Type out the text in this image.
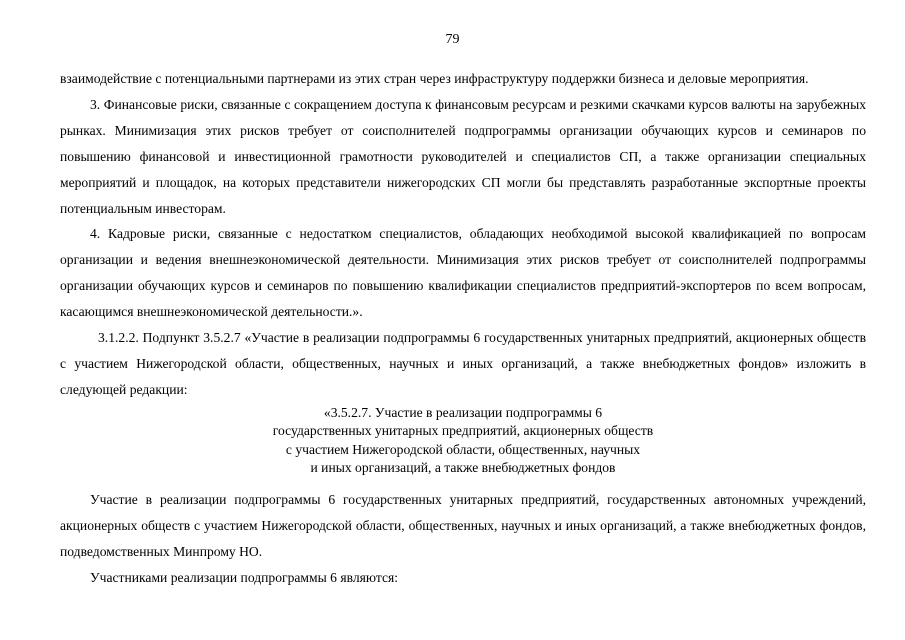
79

взаимодействие с потенциальными партнерами из этих стран через инфраструктуру поддержки бизнеса и деловые мероприятия.

3. Финансовые риски, связанные с сокращением доступа к финансовым ресурсам и резкими скачками курсов валюты на зарубежных рынках. Минимизация этих рисков требует от соисполнителей подпрограммы организации обучающих курсов и семинаров по повышению финансовой и инвестиционной грамотности руководителей и специалистов СП, а также организации специальных мероприятий и площадок, на которых представители нижегородских СП могли бы представлять разработанные экспортные проекты потенциальным инвесторам.

4. Кадровые риски, связанные с недостатком специалистов, обладающих необходимой высокой квалификацией по вопросам организации и ведения внешнеэкономической деятельности. Минимизация этих рисков требует от соисполнителей подпрограммы организации обучающих курсов и семинаров по повышению квалификации специалистов предприятий-экспортеров по всем вопросам, касающимся внешнеэкономической деятельности.».

3.1.2.2. Подпункт 3.5.2.7 «Участие в реализации подпрограммы 6 государственных унитарных предприятий, акционерных обществ с участием Нижегородской области, общественных, научных и иных организаций, а также внебюджетных фондов» изложить в следующей редакции:

«3.5.2.7. Участие в реализации подпрограммы 6
государственных унитарных предприятий, акционерных обществ
с участием Нижегородской области, общественных, научных
и иных организаций, а также внебюджетных фондов

Участие в реализации подпрограммы 6 государственных унитарных предприятий, государственных автономных учреждений, акционерных обществ с участием Нижегородской области, общественных, научных и иных организаций, а также внебюджетных фондов, подведомственных Минпрому НО.

Участниками реализации подпрограммы 6 являются:
